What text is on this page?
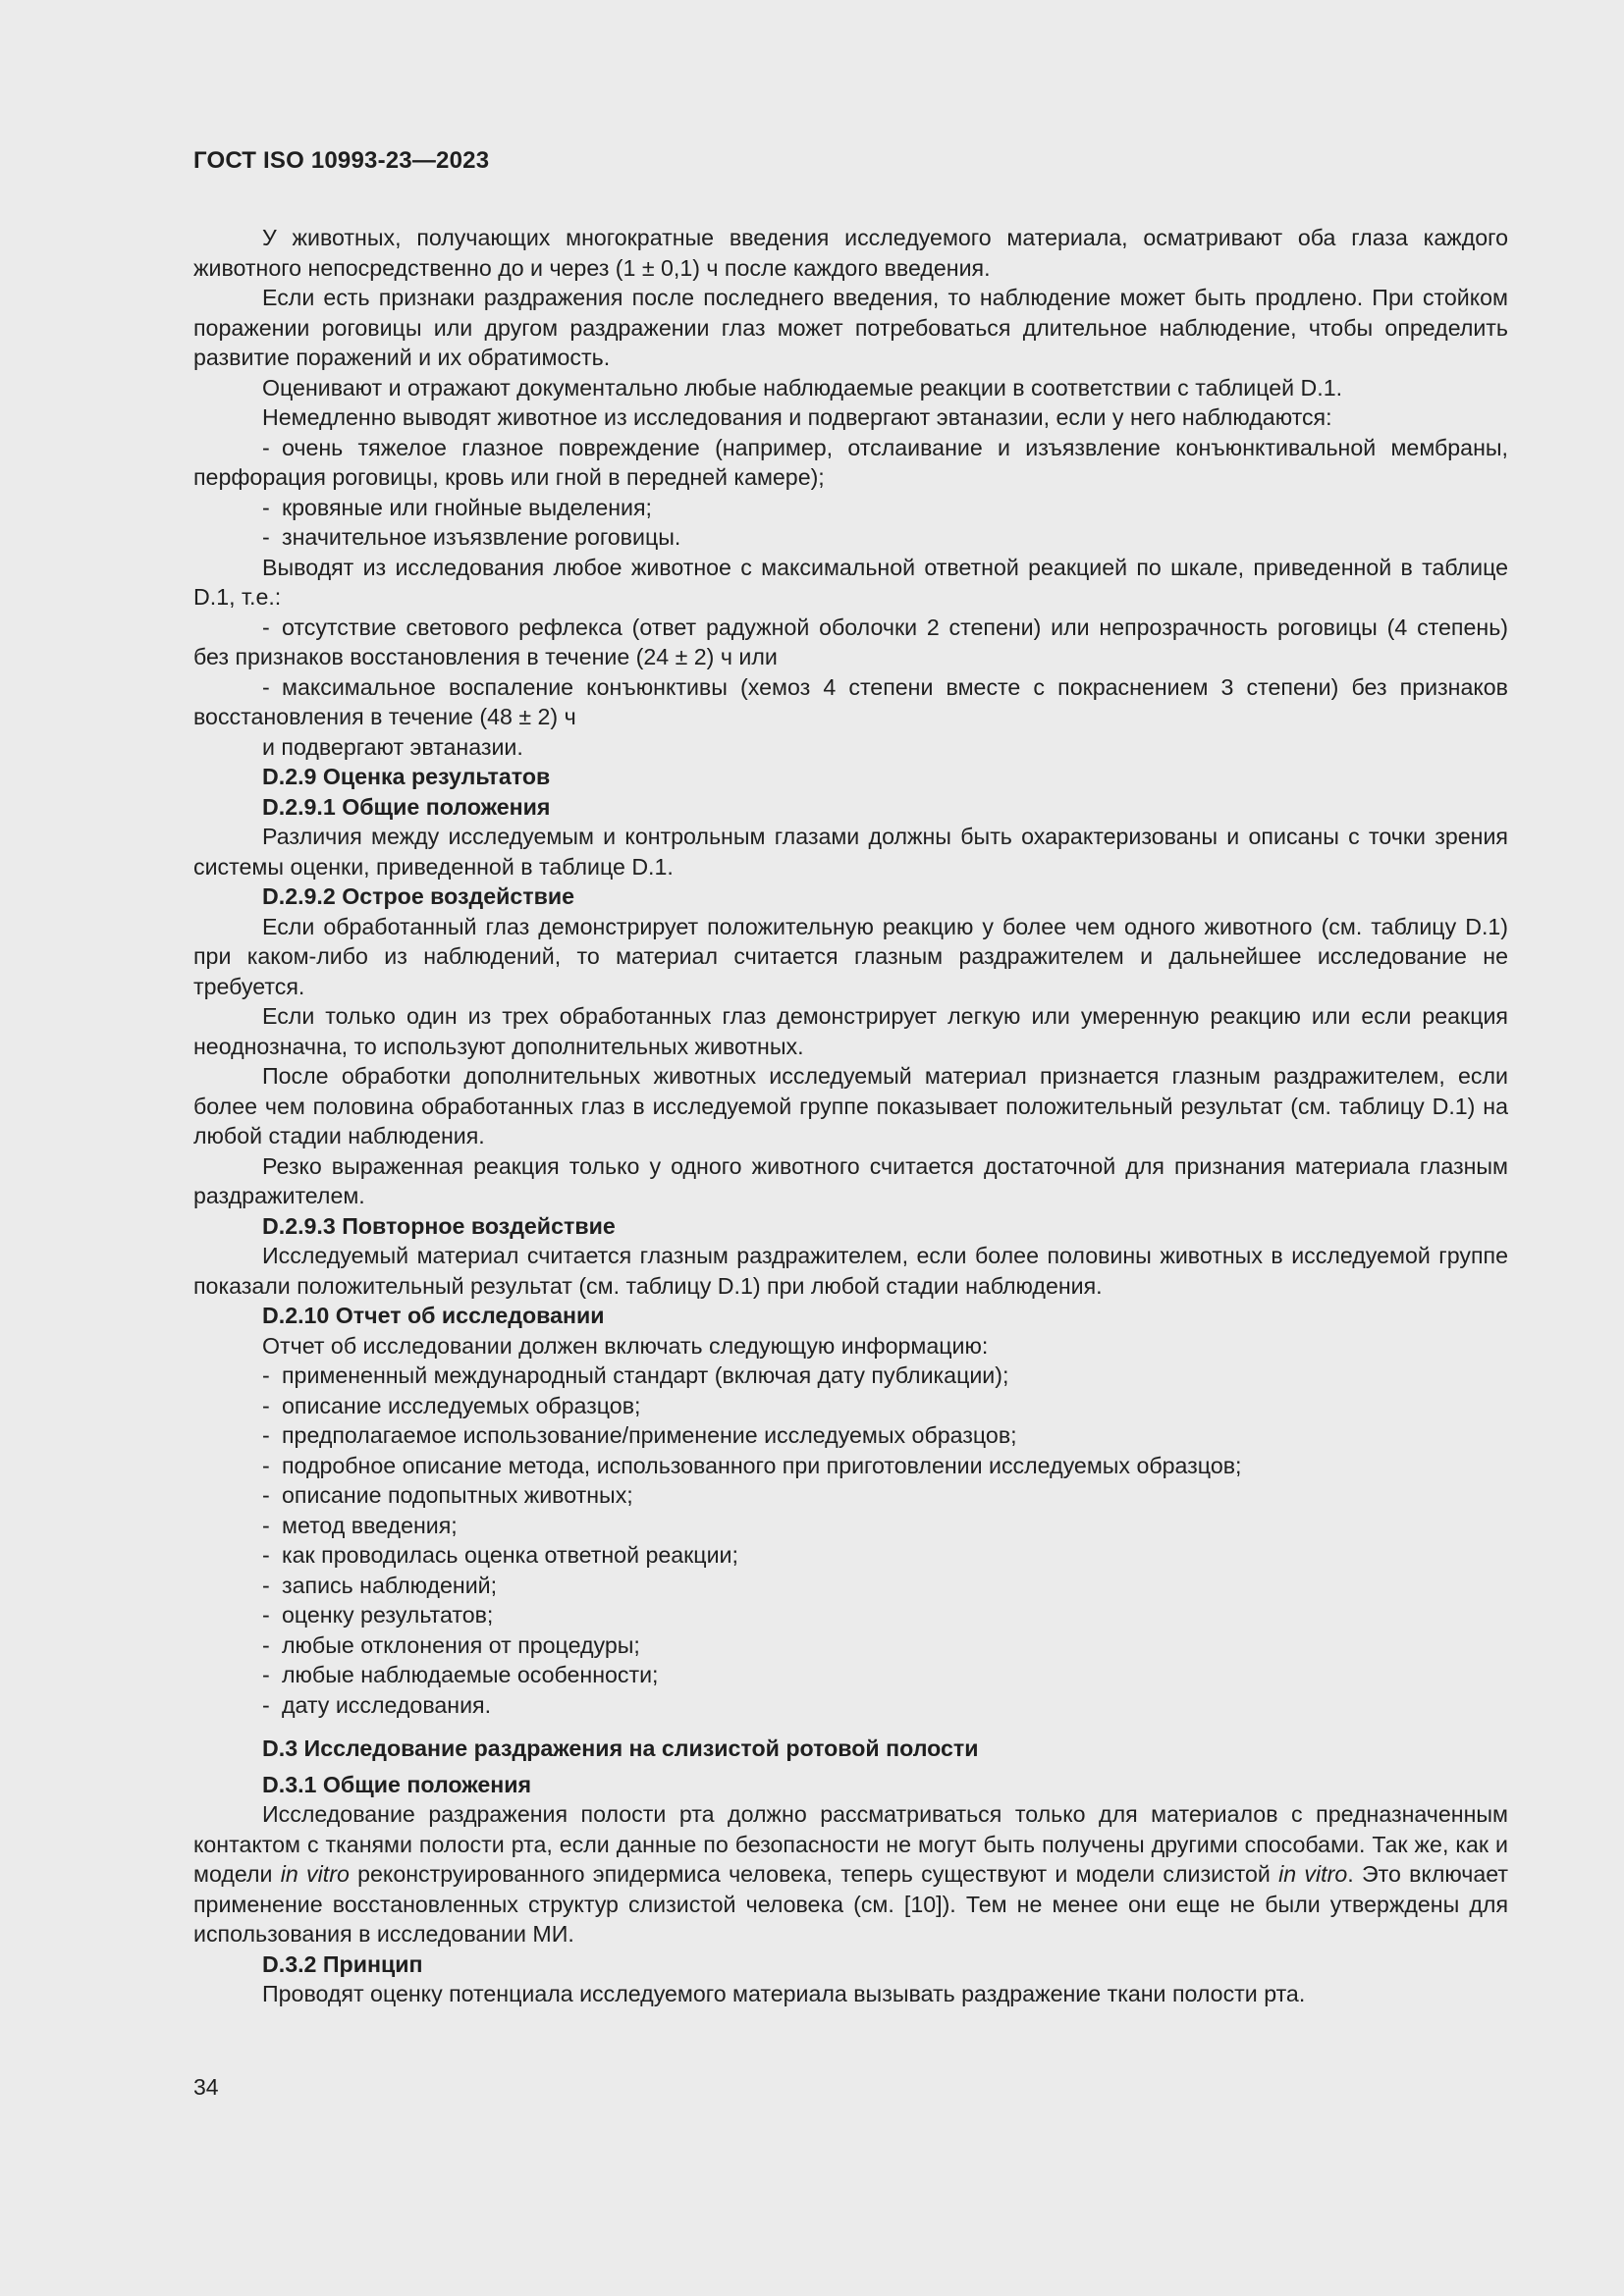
ГОСТ ISO 10993-23—2023

У животных, получающих многократные введения исследуемого материала, осматривают оба глаза каждого животного непосредственно до и через (1 ± 0,1) ч после каждого введения.

Если есть признаки раздражения после последнего введения, то наблюдение может быть продлено. При стойком поражении роговицы или другом раздражении глаз может потребоваться длительное наблюдение, чтобы определить развитие поражений и их обратимость.

Оценивают и отражают документально любые наблюдаемые реакции в соответствии с таблицей D.1.

Немедленно выводят животное из исследования и подвергают эвтаназии, если у него наблюдаются:

- очень тяжелое глазное повреждение (например, отслаивание и изъязвление конъюнктивальной мембраны, перфорация роговицы, кровь или гной в передней камере);

- кровяные или гнойные выделения;

- значительное изъязвление роговицы.

Выводят из исследования любое животное с максимальной ответной реакцией по шкале, приведенной в таблице D.1, т.е.:

- отсутствие светового рефлекса (ответ радужной оболочки 2 степени) или непрозрачность роговицы (4 степень) без признаков восстановления в течение (24 ± 2) ч или

- максимальное воспаление конъюнктивы (хемоз 4 степени вместе с покраснением 3 степени) без признаков восстановления в течение (48 ± 2) ч

и подвергают эвтаназии.

D.2.9 Оценка результатов

D.2.9.1 Общие положения

Различия между исследуемым и контрольным глазами должны быть охарактеризованы и описаны с точки зрения системы оценки, приведенной в таблице D.1.

D.2.9.2 Острое воздействие

Если обработанный глаз демонстрирует положительную реакцию у более чем одного животного (см. таблицу D.1) при каком-либо из наблюдений, то материал считается глазным раздражителем и дальнейшее исследование не требуется.

Если только один из трех обработанных глаз демонстрирует легкую или умеренную реакцию или если реакция неоднозначна, то используют дополнительных животных.

После обработки дополнительных животных исследуемый материал признается глазным раздражителем, если более чем половина обработанных глаз в исследуемой группе показывает положительный результат (см. таблицу D.1) на любой стадии наблюдения.

Резко выраженная реакция только у одного животного считается достаточной для признания материала глазным раздражителем.

D.2.9.3 Повторное воздействие

Исследуемый материал считается глазным раздражителем, если более половины животных в исследуемой группе показали положительный результат (см. таблицу D.1) при любой стадии наблюдения.

D.2.10 Отчет об исследовании

Отчет об исследовании должен включать следующую информацию:

- примененный международный стандарт (включая дату публикации);

- описание исследуемых образцов;

- предполагаемое использование/применение исследуемых образцов;

- подробное описание метода, использованного при приготовлении исследуемых образцов;

- описание подопытных животных;

- метод введения;

- как проводилась оценка ответной реакции;

- запись наблюдений;

- оценку результатов;

- любые отклонения от процедуры;

- любые наблюдаемые особенности;

- дату исследования.

D.3 Исследование раздражения на слизистой ротовой полости

D.3.1 Общие положения

Исследование раздражения полости рта должно рассматриваться только для материалов с предназначенным контактом с тканями полости рта, если данные по безопасности не могут быть получены другими способами. Так же, как и модели in vitro реконструированного эпидермиса человека, теперь существуют и модели слизистой in vitro. Это включает применение восстановленных структур слизистой человека (см. [10]). Тем не менее они еще не были утверждены для использования в исследовании МИ.

D.3.2 Принцип

Проводят оценку потенциала исследуемого материала вызывать раздражение ткани полости рта.

34
